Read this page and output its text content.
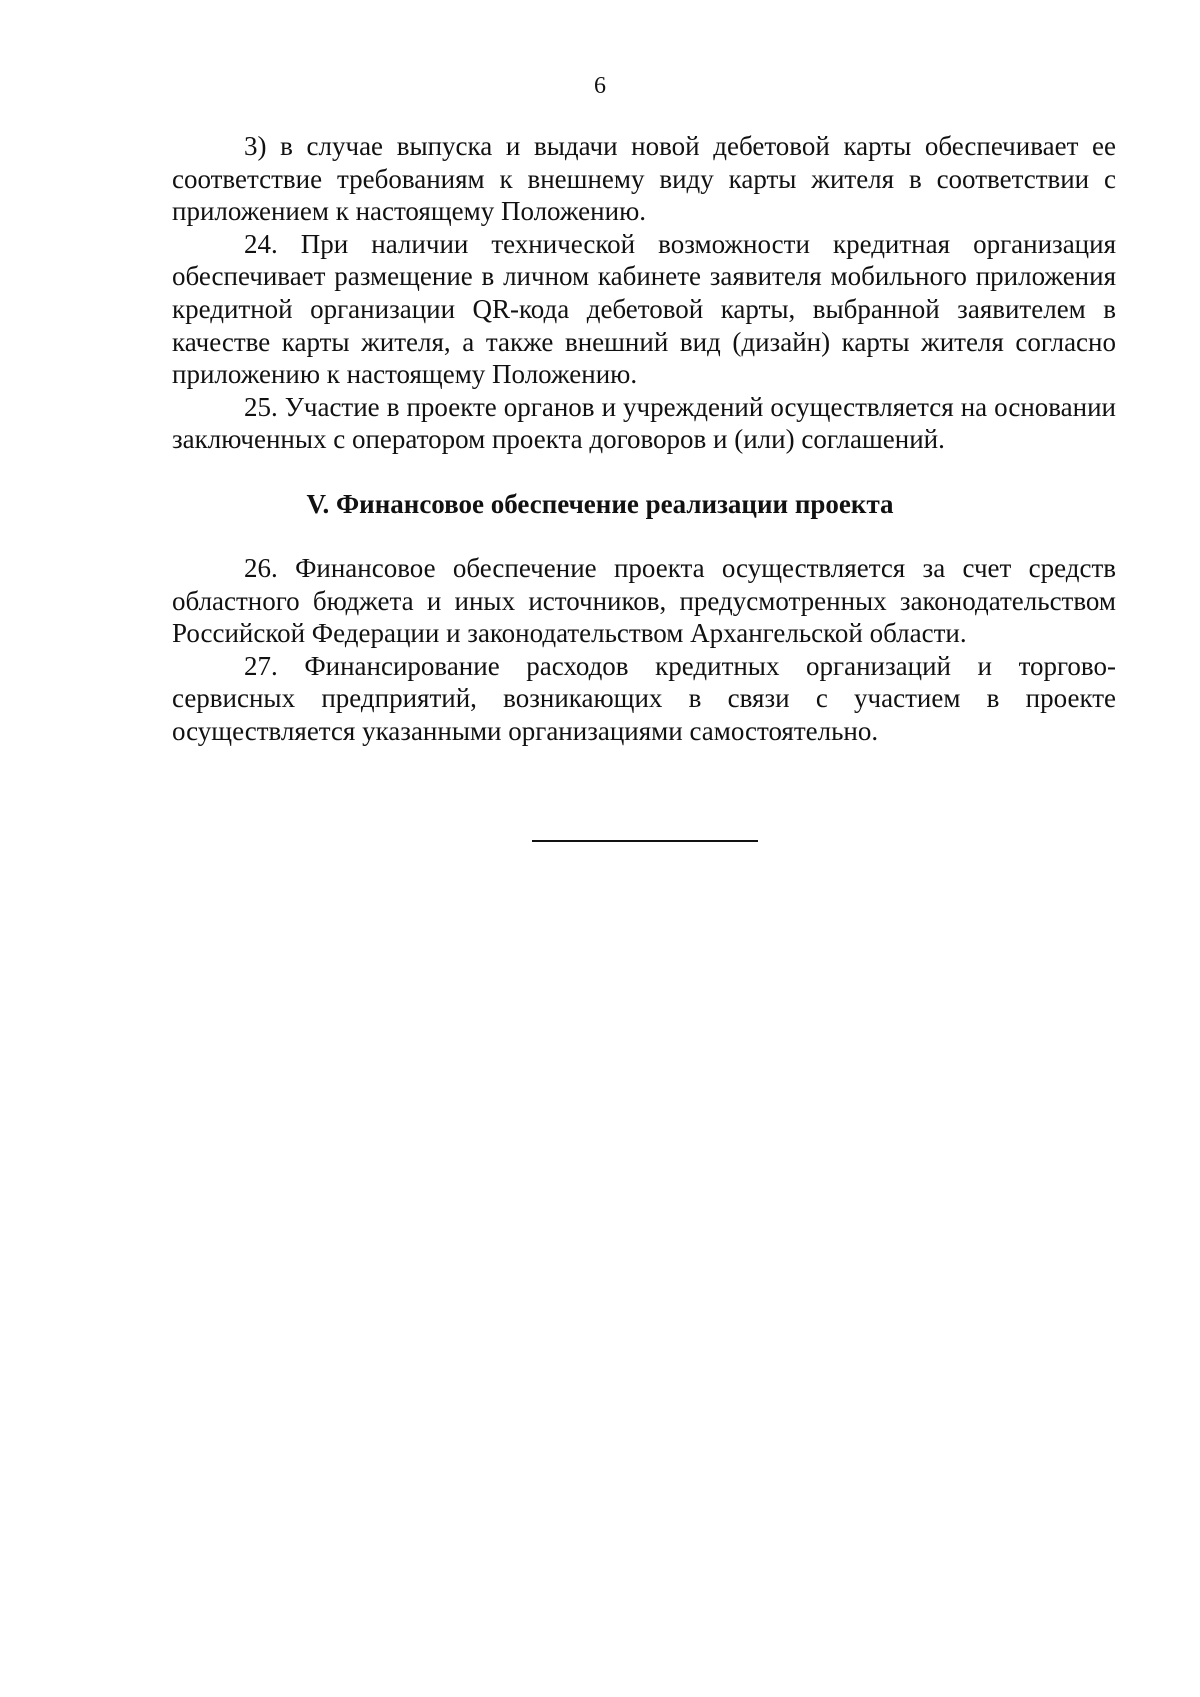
6

3) в случае выпуска и выдачи новой дебетовой карты обеспечивает ее соответствие требованиям к внешнему виду карты жителя в соответствии с приложением к настоящему Положению.

24. При наличии технической возможности кредитная организация обеспечивает размещение в личном кабинете заявителя мобильного приложения кредитной организации QR-кода дебетовой карты, выбранной заявителем в качестве карты жителя, а также внешний вид (дизайн) карты жителя согласно приложению к настоящему Положению.

25. Участие в проекте органов и учреждений осуществляется на основании заключенных с оператором проекта договоров и (или) соглашений.

V. Финансовое обеспечение реализации проекта

26. Финансовое обеспечение проекта осуществляется за счет средств областного бюджета и иных источников, предусмотренных законодательством Российской Федерации и законодательством Архангельской области.

27. Финансирование расходов кредитных организаций и торгово-сервисных предприятий, возникающих в связи с участием в проекте осуществляется указанными организациями самостоятельно.
